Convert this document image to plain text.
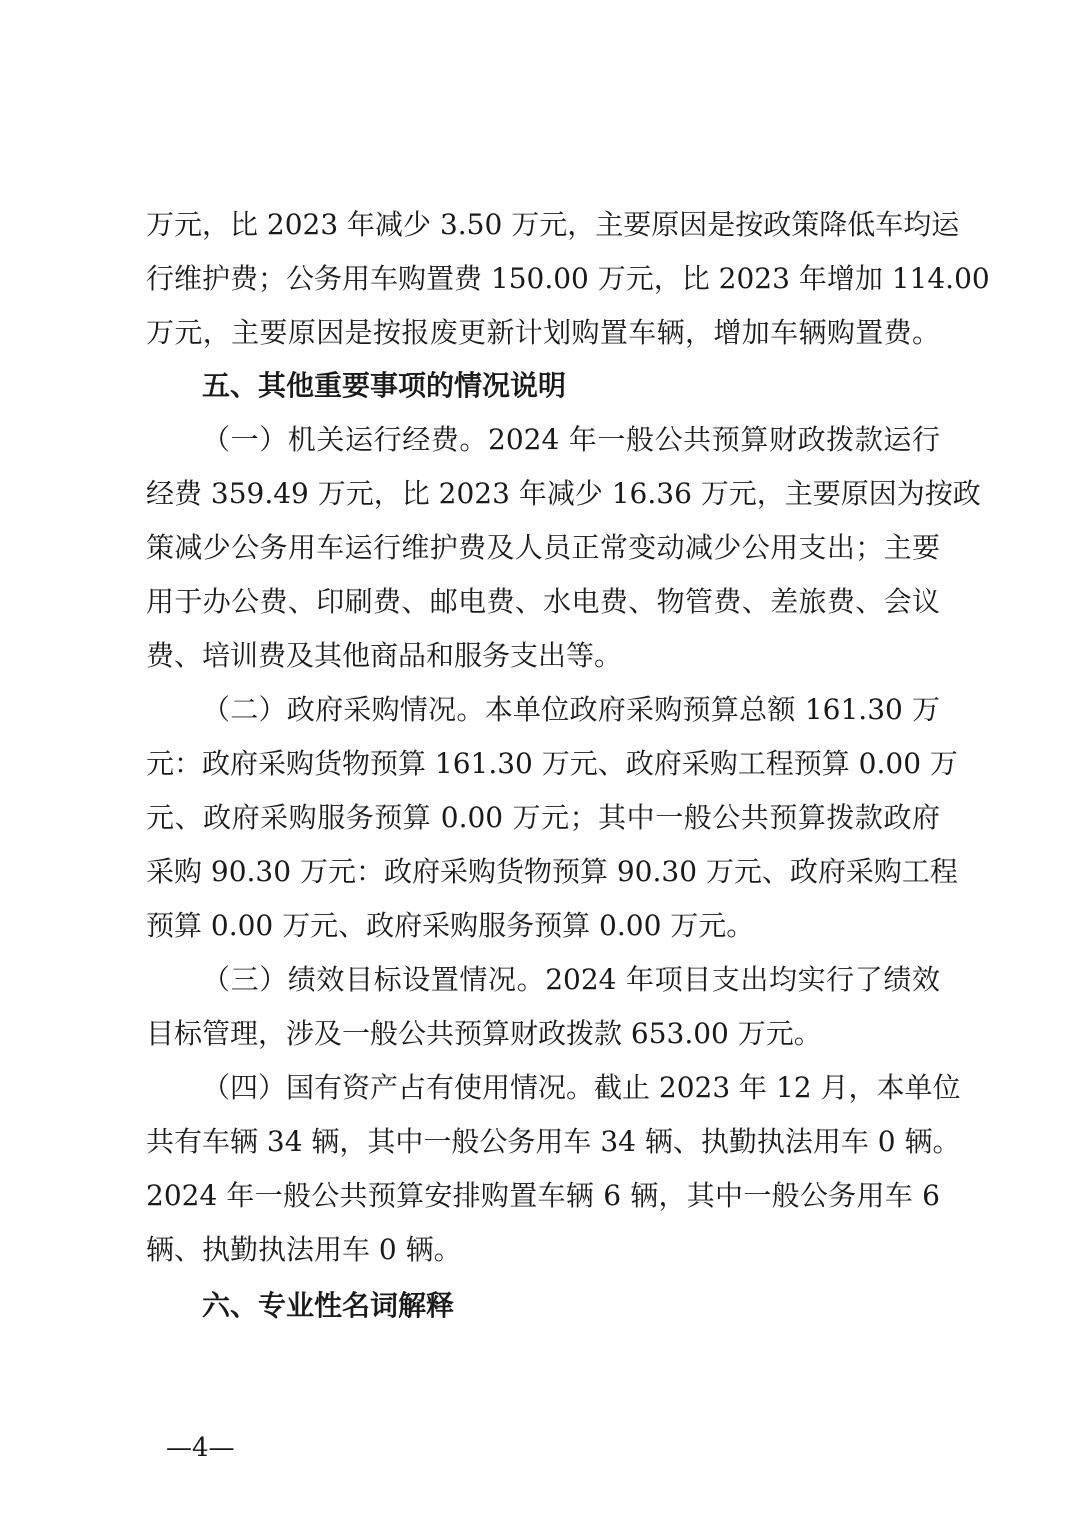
万元，比 2023 年减少 3.50 万元，主要原因是按政策降低车均运
行维护费；公务用车购置费 150.00 万元，比 2023 年增加 114.00
万元，主要原因是按报废更新计划购置车辆，增加车辆购置费。
五、其他重要事项的情况说明
（一）机关运行经费。2024 年一般公共预算财政拨款运行
经费 359.49 万元，比 2023 年减少 16.36 万元，主要原因为按政
策减少公务用车运行维护费及人员正常变动减少公用支出；主要
用于办公费、印刷费、邮电费、水电费、物管费、差旅费、会议
费、培训费及其他商品和服务支出等。
（二）政府采购情况。本单位政府采购预算总额 161.30 万
元：政府采购货物预算 161.30 万元、政府采购工程预算 0.00 万
元、政府采购服务预算 0.00 万元；其中一般公共预算拨款政府
采购 90.30 万元：政府采购货物预算 90.30 万元、政府采购工程
预算 0.00 万元、政府采购服务预算 0.00 万元。
（三）绩效目标设置情况。2024 年项目支出均实行了绩效
目标管理，涉及一般公共预算财政拨款 653.00 万元。
（四）国有资产占有使用情况。截止 2023 年 12 月，本单位
共有车辆 34 辆，其中一般公务用车 34 辆、执勤执法用车 0 辆。
2024 年一般公共预算安排购置车辆 6 辆，其中一般公务用车 6
辆、执勤执法用车 0 辆。
六、专业性名词解释
—4—
